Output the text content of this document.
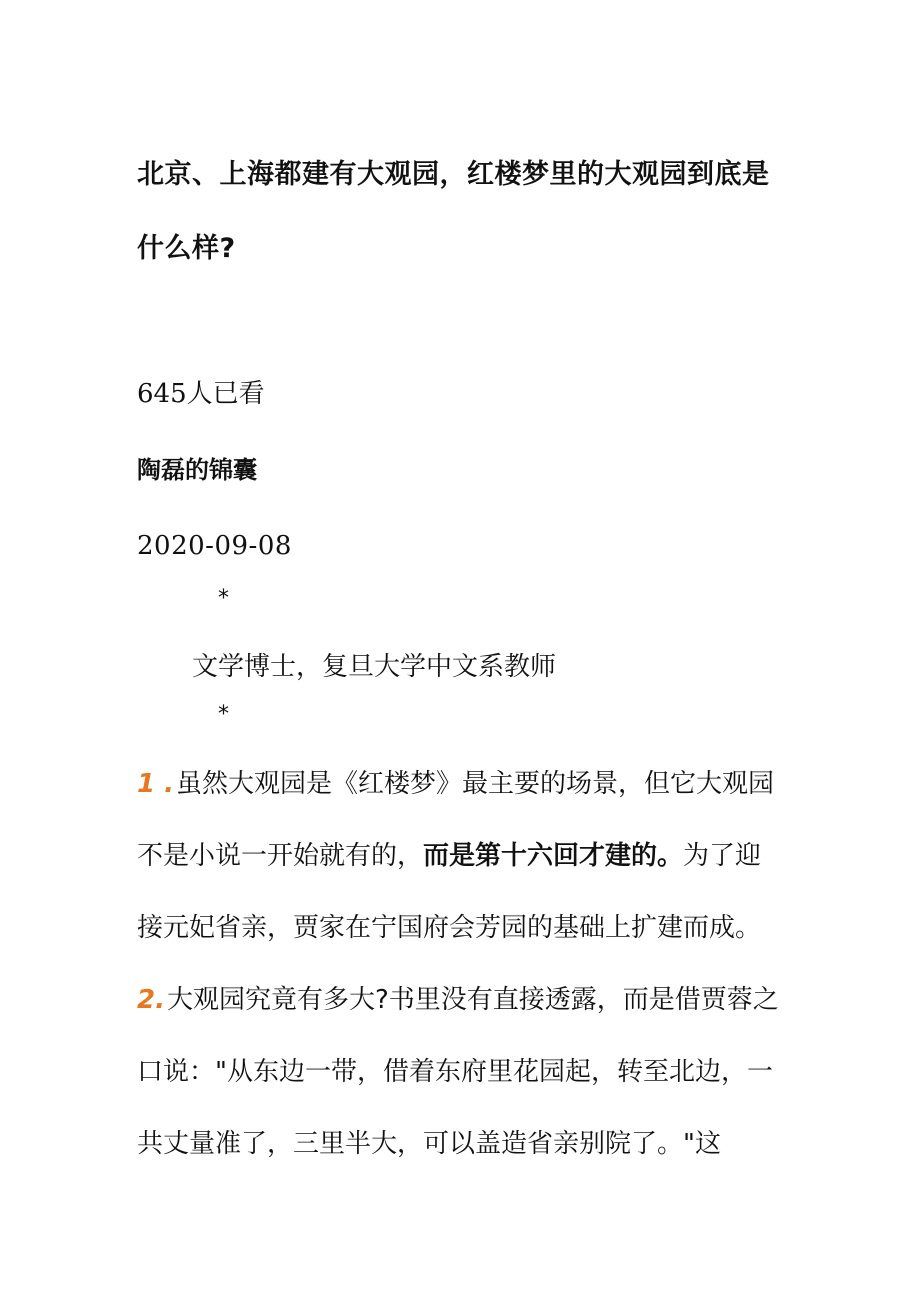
北京、上海都建有大观园，红楼梦里的大观园到底是什么样?
645人已看
陶磊的锦囊
2020-09-08
*
文学博士，复旦大学中文系教师
*

1 .虽然大观园是《红楼梦》最主要的场景，但它大观园不是小说一开始就有的，而是第十六回才建的。为了迎接元妃省亲，贾家在宁国府会芳园的基础上扩建而成。

2.大观园究竟有多大?书里没有直接透露，而是借贾蓉之口说："从东边一带，借着东府里花园起，转至北边，一共丈量准了，三里半大，可以盖造省亲别院了。"这
